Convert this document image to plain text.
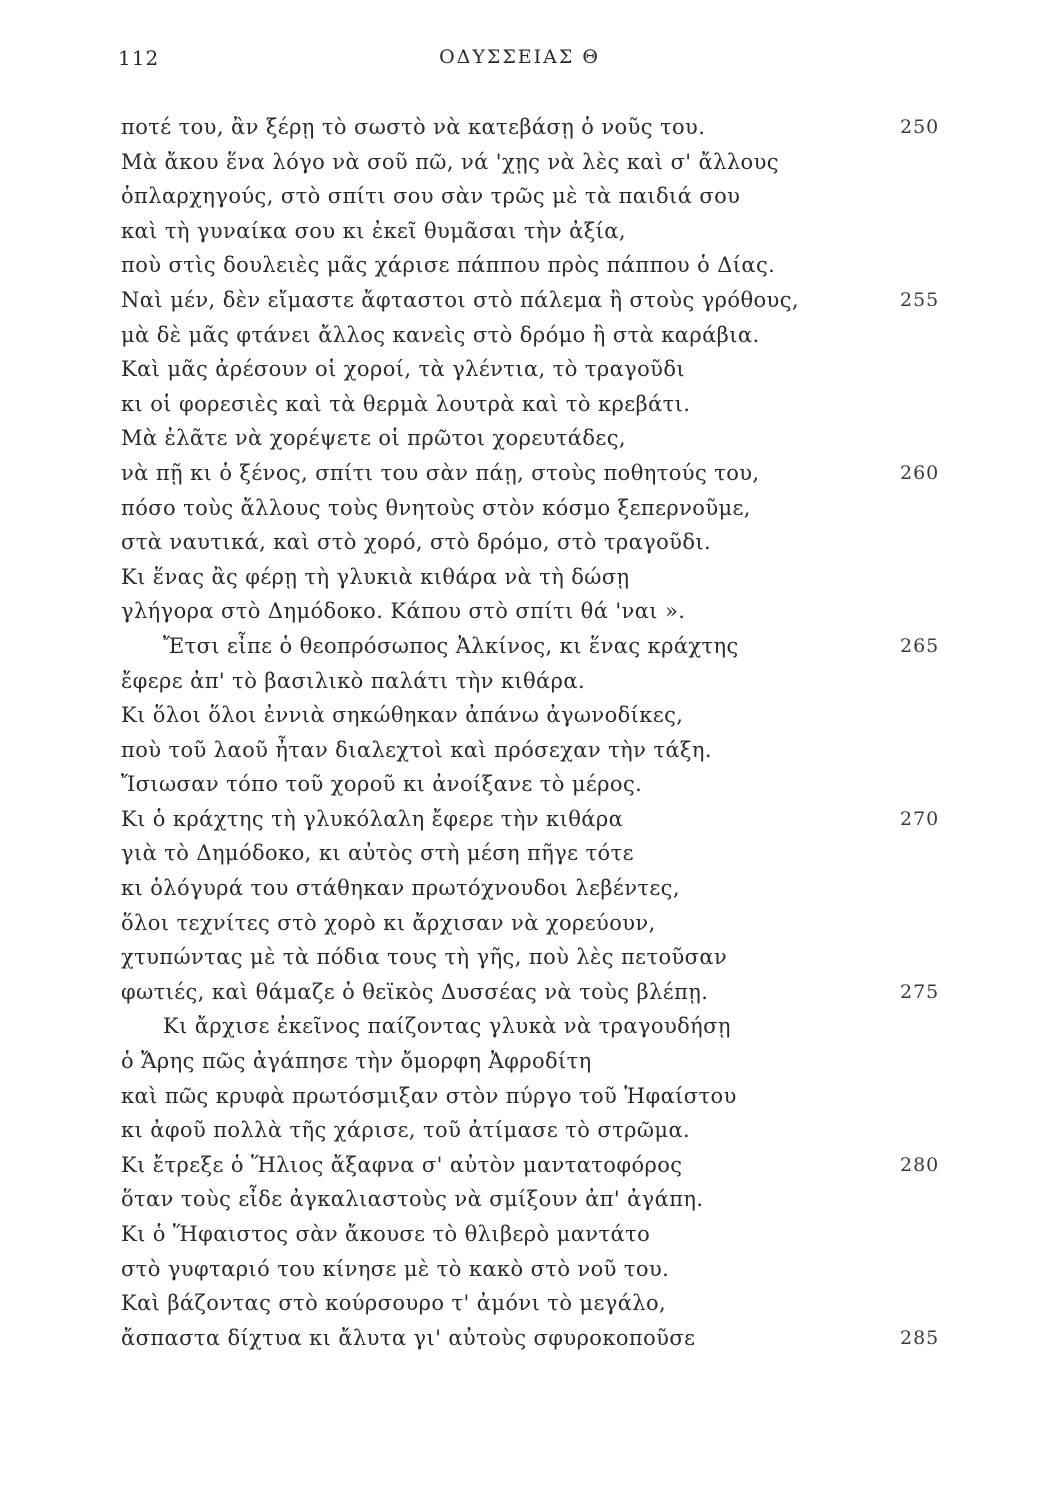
112	ΟΔΥΣΣΕΙΑΣ Θ
ποτέ του, ἂν ξέρῃ τὸ σωστὸ νὰ κατεβάσῃ ὁ νοῦς του.	250
Μὰ ἄκου ἕνα λόγο νὰ σοῦ πῶ, νά 'χῃς νὰ λὲς καὶ σ' ἄλλους
ὁπλαρχηγούς, στὸ σπίτι σου σὰν τρῶς μὲ τὰ παιδιά σου
καὶ τὴ γυναίκα σου κι ἐκεῖ θυμᾶσαι τὴν ἀξία,
ποὺ στὶς δουλειὲς μᾶς χάρισε πάππου πρὸς πάππου ὁ Δίας.
Ναὶ μέν, δὲν εἴμαστε ἄφταστοι στὸ πάλεμα ἢ στοὺς γρόθους,	255
μὰ δὲ μᾶς φτάνει ἄλλος κανεὶς στὸ δρόμο ἢ στὰ καράβια.
Καὶ μᾶς ἀρέσουν οἱ χοροί, τὰ γλέντια, τὸ τραγοῦδι
κι οἱ φορεσιὲς καὶ τὰ θερμὰ λουτρὰ καὶ τὸ κρεβάτι.
Μὰ ἐλᾶτε νὰ χορέψετε οἱ πρῶτοι χορευτάδες,
νὰ πῇ κι ὁ ξένος, σπίτι του σὰν πάῃ, στοὺς ποθητούς του,	260
πόσο τοὺς ἄλλους τοὺς θνητοὺς στὸν κόσμο ξεπερνοῦμε,
στὰ ναυτικά, καὶ στὸ χορό, στὸ δρόμο, στὸ τραγοῦδι.
Κι ἕνας ἂς φέρῃ τὴ γλυκιὰ κιθάρα νὰ τὴ δώσῃ
γλήγορα στὸ Δημόδοκο. Κάπου στὸ σπίτι θά 'ναι ».
Ἔτσι εἶπε ὁ θεοπρόσωπος Ἀλκίνος, κι ἕνας κράχτης	265
ἔφερε ἀπ' τὸ βασιλικὸ παλάτι τὴν κιθάρα.
Κι ὅλοι ὅλοι ἐννιὰ σηκώθηκαν ἀπάνω ἀγωνοδίκες,
ποὺ τοῦ λαοῦ ἦταν διαλεχτοὶ καὶ πρόσεχαν τὴν τάξη.
Ἴσιωσαν τόπο τοῦ χοροῦ κι ἀνοίξανε τὸ μέρος.
Κι ὁ κράχτης τὴ γλυκόλαλη ἔφερε τὴν κιθάρα	270
γιὰ τὸ Δημόδοκο, κι αὐτὸς στὴ μέση πῆγε τότε
κι ὁλόγυρά του στάθηκαν πρωτόχνουδοι λεβέντες,
ὅλοι τεχνίτες στὸ χορὸ κι ἄρχισαν νὰ χορεύουν,
χτυπώντας μὲ τὰ πόδια τους τὴ γῆς, ποὺ λὲς πετοῦσαν
φωτιές, καὶ θάμαζε ὁ θεϊκὸς Δυσσέας νὰ τοὺς βλέπῃ.	275
Κι ἄρχισε ἐκεῖνος παίζοντας γλυκὰ νὰ τραγουδήσῃ
ὁ Ἄρης πῶς ἀγάπησε τὴν ὄμορφη Ἀφροδίτη
καὶ πῶς κρυφὰ πρωτόσμιξαν στὸν πύργο τοῦ Ἡφαίστου
κι ἀφοῦ πολλὰ τῆς χάρισε, τοῦ ἀτίμασε τὸ στρῶμα.
Κι ἔτρεξε ὁ Ἥλιος ἄξαφνα σ' αὐτὸν μαντατοφόρος	280
ὅταν τοὺς εἶδε ἀγκαλιαστοὺς νὰ σμίξουν ἀπ' ἀγάπη.
Κι ὁ Ἥφαιστος σὰν ἄκουσε τὸ θλιβερὸ μαντάτο
στὸ γυφταριό του κίνησε μὲ τὸ κακὸ στὸ νοῦ του.
Καὶ βάζοντας στὸ κούρσουρο τ' ἀμόνι τὸ μεγάλο,
ἄσπαστα δίχτυα κι ἄλυτα γι' αὐτοὺς σφυροκοποῦσε	285
